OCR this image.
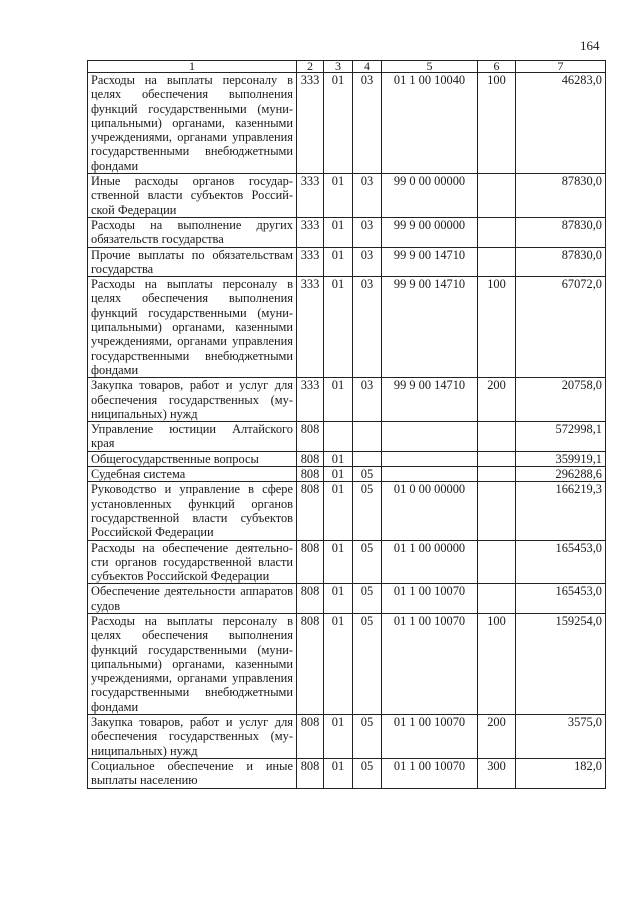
164
1	2	3	4	5	6	7
Расходы на выплаты персоналу в целях обеспечения выполнения функций государственными (муниципальными) органами, казенными учреждениями, органами управления государственными внебюджетными фондами	333	01	03	01 1 00 10040	100	46283,0
Иные расходы органов государственной власти субъектов Российской Федерации	333	01	03	99 0 00 00000		87830,0
Расходы на выполнение других обязательств государства	333	01	03	99 9 00 00000		87830,0
Прочие выплаты по обязательствам государства	333	01	03	99 9 00 14710		87830,0
Расходы на выплаты персоналу в целях обеспечения выполнения функций государственными (муниципальными) органами, казенными учреждениями, органами управления государственными внебюджетными фондами	333	01	03	99 9 00 14710	100	67072,0
Закупка товаров, работ и услуг для обеспечения государственных (муниципальных) нужд	333	01	03	99 9 00 14710	200	20758,0
Управление юстиции Алтайского края	808					572998,1
Общегосударственные вопросы	808	01				359919,1
Судебная система	808	01	05			296288,6
Руководство и управление в сфере установленных функций органов государственной власти субъектов Российской Федерации	808	01	05	01 0 00 00000		166219,3
Расходы на обеспечение деятельности органов государственной власти субъектов Российской Федерации	808	01	05	01 1 00 00000		165453,0
Обеспечение деятельности аппаратов судов	808	01	05	01 1 00 10070		165453,0
Расходы на выплаты персоналу в целях обеспечения выполнения функций государственными (муниципальными) органами, казенными учреждениями, органами управления государственными внебюджетными фондами	808	01	05	01 1 00 10070	100	159254,0
Закупка товаров, работ и услуг для обеспечения государственных (муниципальных) нужд	808	01	05	01 1 00 10070	200	3575,0
Социальное обеспечение и иные выплаты населению	808	01	05	01 1 00 10070	300	182,0
